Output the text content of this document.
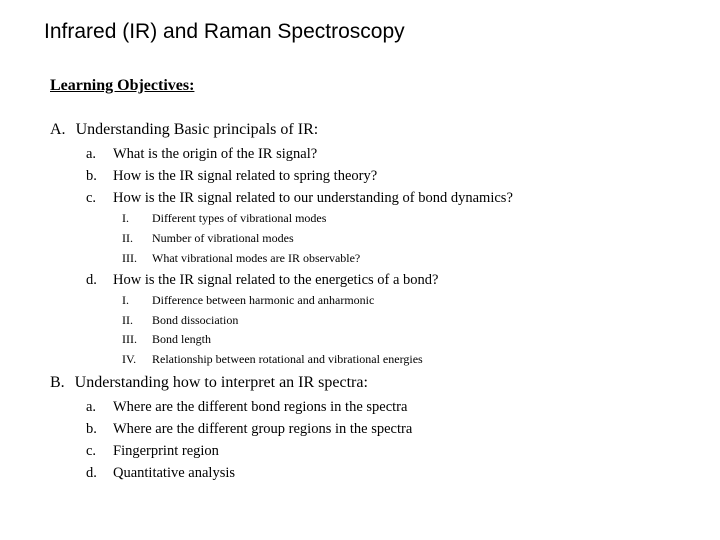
Infrared (IR) and Raman Spectroscopy
Learning Objectives:
A. Understanding Basic principals of IR:
a. What is the origin of the IR signal?
b. How is the IR signal related to spring theory?
c. How is the IR signal related to our understanding of bond dynamics?
I. Different types of vibrational modes
II. Number of vibrational modes
III. What vibrational modes are IR observable?
d. How is the IR signal related to the energetics of a bond?
I. Difference between harmonic and anharmonic
II. Bond dissociation
III. Bond length
IV. Relationship between rotational and vibrational energies
B. Understanding how to interpret an IR spectra:
a. Where are the different bond regions in the spectra
b. Where are the different group regions in the spectra
c. Fingerprint region
d. Quantitative analysis
